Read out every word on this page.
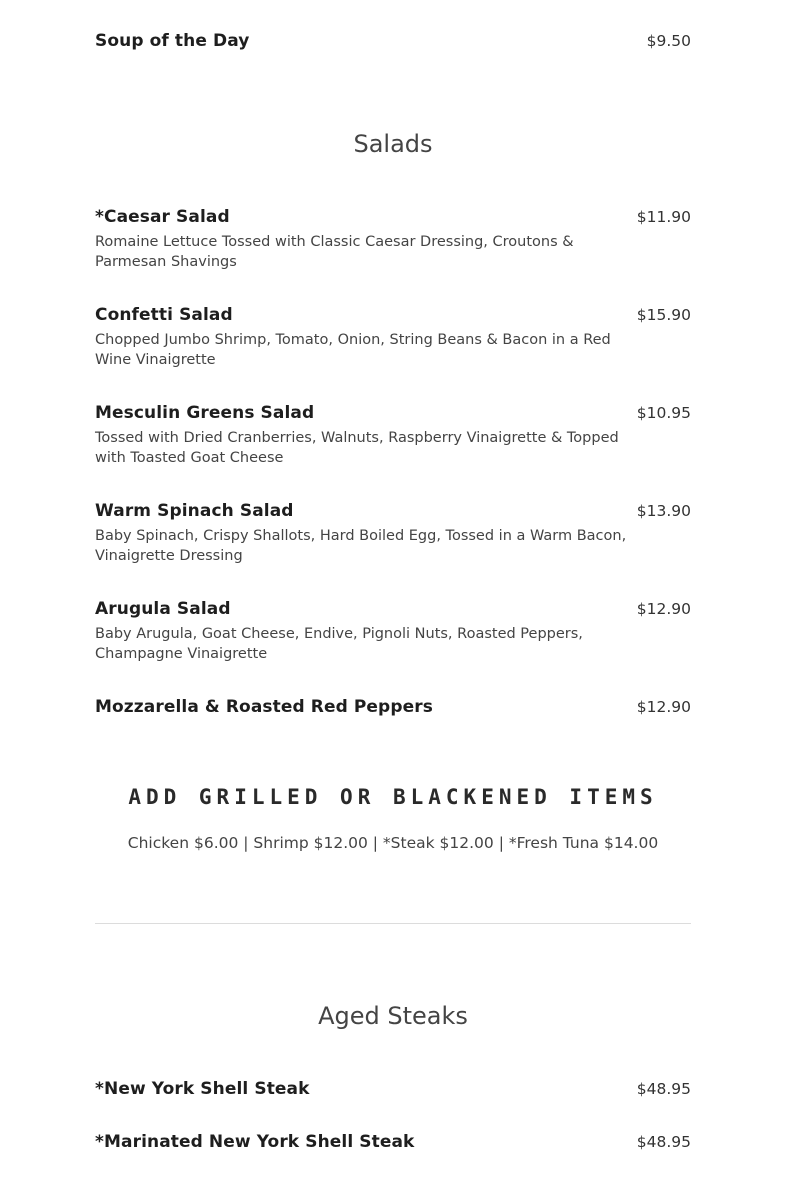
Soup of the Day	$9.50
Salads
*Caesar Salad	$11.90
Romaine Lettuce Tossed with Classic Caesar Dressing, Croutons & Parmesan Shavings
Confetti Salad	$15.90
Chopped Jumbo Shrimp, Tomato, Onion, String Beans & Bacon in a Red Wine Vinaigrette
Mesculin Greens Salad	$10.95
Tossed with Dried Cranberries, Walnuts, Raspberry Vinaigrette & Topped with Toasted Goat Cheese
Warm Spinach Salad	$13.90
Baby Spinach, Crispy Shallots, Hard Boiled Egg, Tossed in a Warm Bacon, Vinaigrette Dressing
Arugula Salad	$12.90
Baby Arugula, Goat Cheese, Endive, Pignoli Nuts, Roasted Peppers, Champagne Vinaigrette
Mozzarella & Roasted Red Peppers	$12.90
ADD GRILLED OR BLACKENED ITEMS
Chicken $6.00 | Shrimp $12.00 | *Steak $12.00 | *Fresh Tuna $14.00
Aged Steaks
*New York Shell Steak	$48.95
*Marinated New York Shell Steak	$48.95
